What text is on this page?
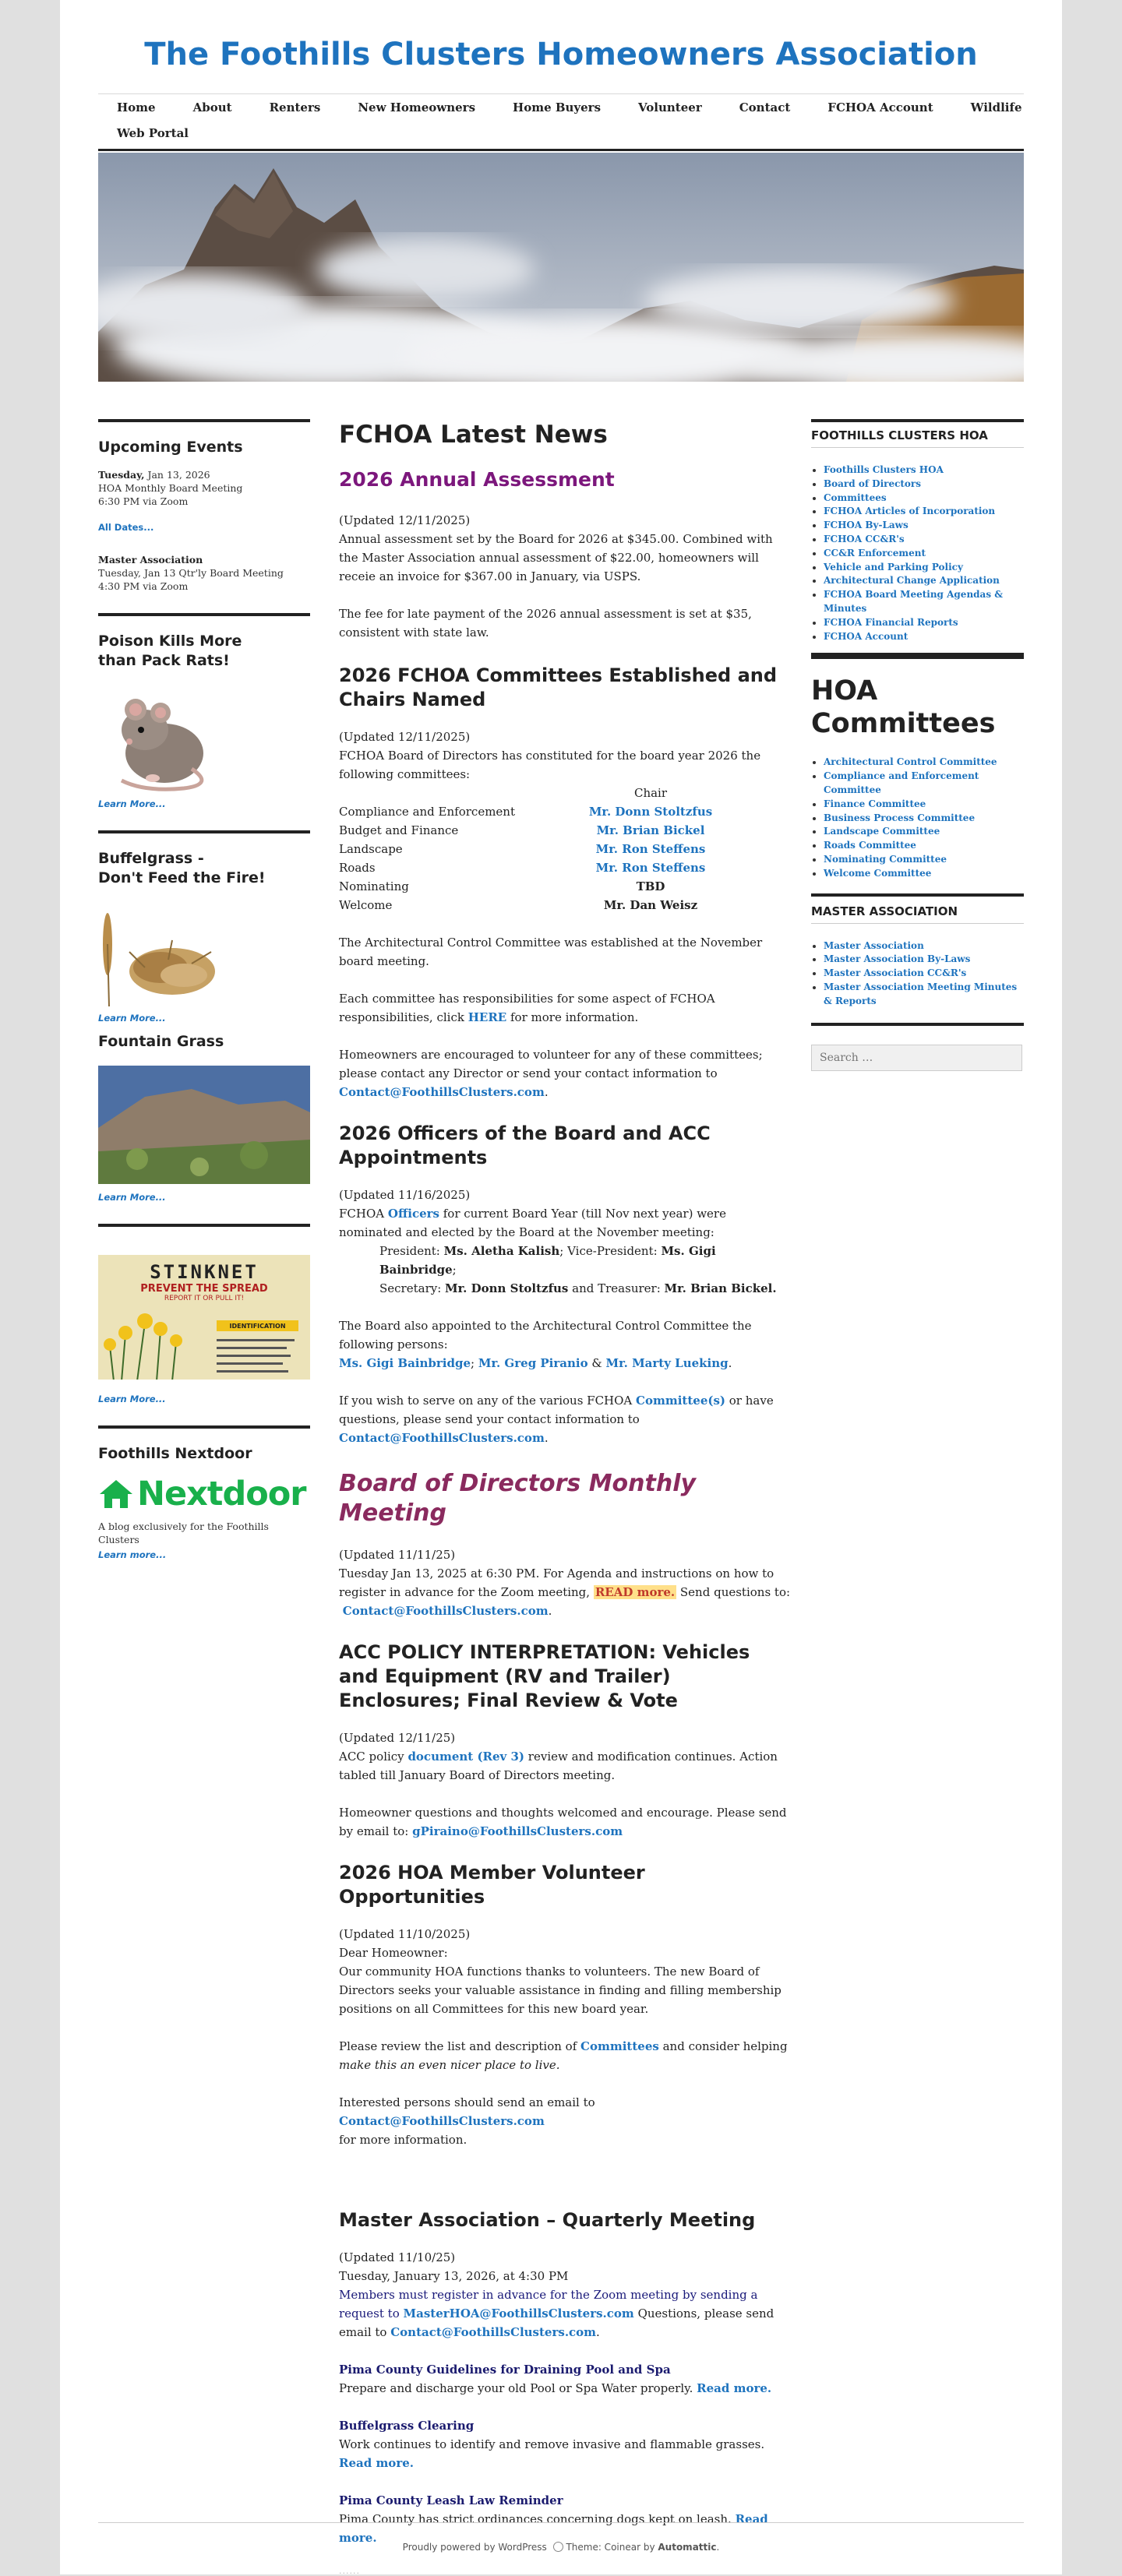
The Foothills Clusters Homeowners Association
Home	About	Renters	New Homeowners	Home Buyers	Volunteer	Contact	FCHOA Account	Wildlife
Web Portal
Upcoming Events
Tuesday, Jan 13, 2026
HOA Monthly Board Meeting
6:30 PM via Zoom
All Dates...
Master Association
Tuesday, Jan 13 Qtr'ly Board Meeting
4:30 PM via Zoom
Poison Kills More
than Pack Rats!
Learn More...
Buffelgrass -
Don't Feed the Fire!
Learn More...
Fountain Grass
Learn More...
STINKNET
PREVENT THE SPREAD
REPORT IT OR PULL IT!
IDENTIFICATION
Learn More...
Foothills Nextdoor
Nextdoor
A blog exclusively for the Foothills Clusters
Learn more...
FCHOA Latest News
2026 Annual Assessment

(Updated 12/11/2025)
Annual assessment set by the Board for 2026 at $345.00. Combined with the Master Association annual assessment of $22.00, homeowners will receie an invoice for $367.00 in January, via USPS.

The fee for late payment of the 2026 annual assessment is set at $35, consistent with state law.

2026 FCHOA Committees Established and Chairs Named

(Updated 12/11/2025)
FCHOA Board of Directors has constituted for the board year 2026 the following committees:

Chair
Compliance and Enforcement	Mr. Donn Stoltzfus
Budget and Finance	Mr. Brian Bickel
Landscape	Mr. Ron Steffens
Roads	Mr. Ron Steffens
Nominating	TBD
Welcome	Mr. Dan Weisz

The Architectural Control Committee was established at the November board meeting.

Each committee has responsibilities for some aspect of FCHOA responsibilities, click HERE for more information.

Homeowners are encouraged to volunteer for any of these committees; please contact any Director or send your contact information to Contact@FoothillsClusters.com.

2026 Officers of the Board and ACC Appointments

(Updated 11/16/2025)
FCHOA Officers for current Board Year (till Nov next year) were nominated and elected by the Board at the November meeting:

President: Ms. Aletha Kalish; Vice-President: Ms. Gigi Bainbridge;
Secretary: Mr. Donn Stoltzfus and Treasurer: Mr. Brian Bickel.

The Board also appointed to the Architectural Control Committee the following persons:
Ms. Gigi Bainbridge; Mr. Greg Piranio & Mr. Marty Lueking.

If you wish to serve on any of the various FCHOA Committee(s) or have questions, please send your contact information to Contact@FoothillsClusters.com.

Board of Directors Monthly Meeting

(Updated 11/11/25)
Tuesday Jan 13, 2025 at 6:30 PM. For Agenda and instructions on how to register in advance for the Zoom meeting, READ more. Send questions to:
Contact@FoothillsClusters.com.

ACC POLICY INTERPRETATION: Vehicles and Equipment (RV and Trailer) Enclosures; Final Review & Vote

(Updated 12/11/25)
ACC policy document (Rev 3) review and modification continues. Action tabled till January Board of Directors meeting.

Homeowner questions and thoughts welcomed and encourage. Please send by email to: gPiraino@FoothillsClusters.com

2026 HOA Member Volunteer Opportunities

(Updated 11/10/2025)
Dear Homeowner:
Our community HOA functions thanks to volunteers. The new Board of Directors seeks your valuable assistance in finding and filling membership positions on all Committees for this new board year.

Please review the list and description of Committees and consider helping
make this an even nicer place to live.

Interested persons should send an email to Contact@FoothillsClusters.com
for more information.

Master Association – Quarterly Meeting

(Updated 11/10/25)
Tuesday, January 13, 2026, at 4:30 PM
Members must register in advance for the Zoom meeting by sending a request to MasterHOA@FoothillsClusters.com Questions, please send email to Contact@FoothillsClusters.com.

Pima County Guidelines for Draining Pool and Spa
Prepare and discharge your old Pool or Spa Water properly. Read more.

Buffelgrass Clearing
Work continues to identify and remove invasive and flammable grasses.
Read more.

Pima County Leash Law Reminder
Pima County has strict ordinances concerning dogs kept on leash. Read more.

......
FOOTHILLS CLUSTERS HOA
• Foothills Clusters HOA
• Board of Directors
• Committees
• FCHOA Articles of Incorporation
• FCHOA By-Laws
• FCHOA CC&R's
• CC&R Enforcement
• Vehicle and Parking Policy
• Architectural Change Application
• FCHOA Board Meeting Agendas & Minutes
• FCHOA Financial Reports
• FCHOA Account
HOA Committees
• Architectural Control Committee
• Compliance and Enforcement Committee
• Finance Committee
• Business Process Committee
• Landscape Committee
• Roads Committee
• Nominating Committee
• Welcome Committee
MASTER ASSOCIATION
• Master Association
• Master Association By-Laws
• Master Association CC&R's
• Master Association Meeting Minutes & Reports
Search …
Proudly powered by WordPress  Theme: Coinear by Automattic.
